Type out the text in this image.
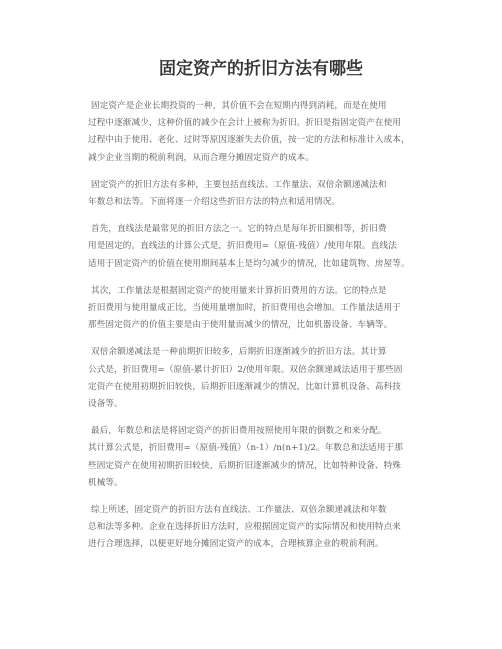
固定资产的折旧方法有哪些

固定资产是企业长期投资的一种，其价值不会在短期内得到消耗，而是在使用
过程中逐渐减少，这种价值的减少在会计上被称为折旧。折旧是指固定资产在使用
过程中由于使用、老化、过时等原因逐渐失去价值，按一定的方法和标准计入成本，
减少企业当期的税前利润，从而合理分摊固定资产的成本。

固定资产的折旧方法有多种，主要包括直线法、工作量法、双倍余额递减法和
年数总和法等。下面将逐一介绍这些折旧方法的特点和适用情况。

首先，直线法是最常见的折旧方法之一。它的特点是每年折旧额相等，折旧费
用是固定的。直线法的计算公式是，折旧费用=（原值-残值）/使用年限。直线法
适用于固定资产的价值在使用期间基本上是均匀减少的情况，比如建筑物、房屋等。

其次，工作量法是根据固定资产的使用量来计算折旧费用的方法。它的特点是
折旧费用与使用量成正比，当使用量增加时，折旧费用也会增加。工作量法适用于
那些固定资产的价值主要是由于使用量而减少的情况，比如机器设备、车辆等。

双倍余额递减法是一种前期折旧较多，后期折旧逐渐减少的折旧方法。其计算
公式是，折旧费用=（原值-累计折旧）2/使用年限。双倍余额递减法适用于那些固
定资产在使用初期折旧较快，后期折旧逐渐减少的情况，比如计算机设备、高科技
设备等。

最后，年数总和法是将固定资产的折旧费用按照使用年限的倒数之和来分配。
其计算公式是，折旧费用=（原值-残值）（n-1）/n(n+1)/2。年数总和法适用于那
些固定资产在使用初期折旧较快，后期折旧逐渐减少的情况，比如特种设备、特殊
机械等。

综上所述，固定资产的折旧方法有直线法、工作量法、双倍余额递减法和年数
总和法等多种。企业在选择折旧方法时，应根据固定资产的实际情况和使用特点来
进行合理选择，以便更好地分摊固定资产的成本，合理核算企业的税前利润。
